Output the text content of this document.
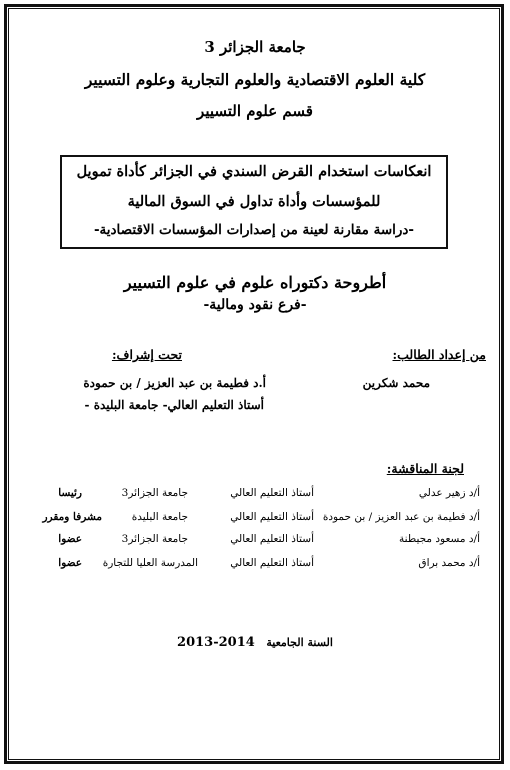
جامعة الجزائر 3
كلية العلوم الاقتصادية والعلوم التجارية وعلوم التسيير
قسم علوم التسيير
انعكاسات استخدام القرض السندي في الجزائر كأداة تمويل
للمؤسسات وأداة تداول في السوق المالية
-دراسة مقارنة لعينة من إصدارات المؤسسات الاقتصادية-
أطروحة دكتوراه علوم في علوم التسيير
-فرع نقود ومالية-
من إعداد الطالب:
محمد شكرين
تحت إشراف:
أ.د فطيمة بن عبد العزيز / بن حمودة
أستاذ التعليم العالي- جامعة البليدة -
لجنة المناقشة:
أ/د زهير عدلي
أستاذ التعليم العالي
جامعة الجزائر3
رئيسا
أ/د فطيمة بن عبد العزيز / بن حمودة
أستاذ التعليم العالي
جامعة البليدة
مشرفا ومقرر
أ/د مسعود مجيطنة
أستاذ التعليم العالي
جامعة الجزائر3
عضوا
أ/د محمد براق
أستاذ التعليم العالي
المدرسة العليا للتجارة
عضوا
2013-2014 السنة الجامعية
